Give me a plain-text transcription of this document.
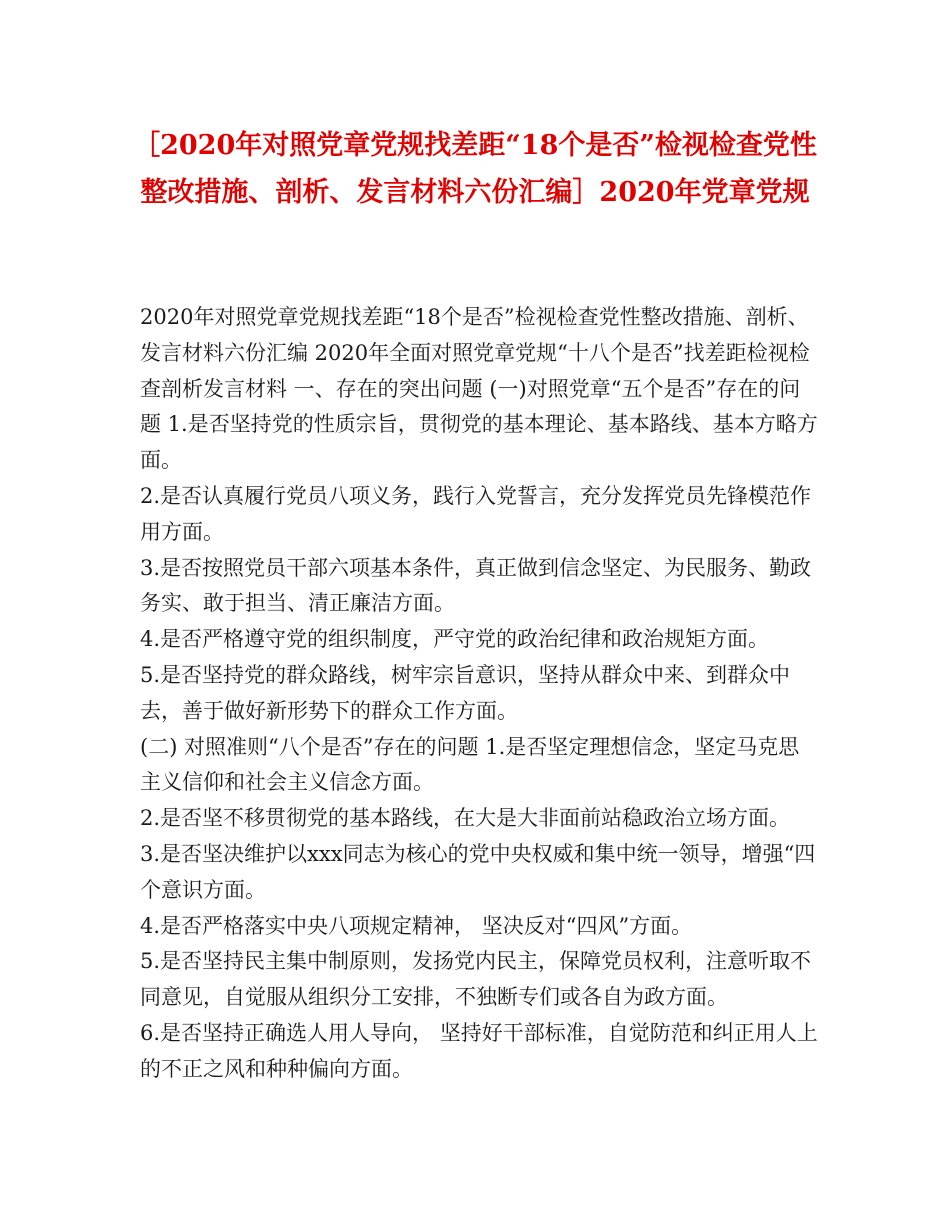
［2020年对照党章党规找差距“18个是否”检视检查党性整改措施、剖析、发言材料六份汇编］2020年党章党规

2020年对照党章党规找差距“18个是否”检视检查党性整改措施、剖析、发言材料六份汇编 2020年全面对照党章党规“十八个是否”找差距检视检查剖析发言材料 一、存在的突出问题 (一)对照党章“五个是否”存在的问题 1.是否坚持党的性质宗旨，贯彻党的基本理论、基本路线、基本方略方面。

2.是否认真履行党员八项义务，践行入党誓言，充分发挥党员先锋模范作用方面。

3.是否按照党员干部六项基本条件，真正做到信念坚定、为民服务、勤政务实、敢于担当、清正廉洁方面。

4.是否严格遵守党的组织制度，严守党的政治纪律和政治规矩方面。

5.是否坚持党的群众路线，树牢宗旨意识，坚持从群众中来、到群众中去，善于做好新形势下的群众工作方面。

(二) 对照准则“八个是否”存在的问题 1.是否坚定理想信念，坚定马克思主义信仰和社会主义信念方面。

2.是否坚不移贯彻党的基本路线，在大是大非面前站稳政治立场方面。

3.是否坚决维护以xxx同志为核心的党中央权威和集中统一领导，增强“四个意识方面。

4.是否严格落实中央八项规定精神， 坚决反对“四风”方面。

5.是否坚持民主集中制原则，发扬党内民主，保障党员权利，注意听取不同意见，自觉服从组织分工安排，不独断专们或各自为政方面。

6.是否坚持正确选人用人导向， 坚持好干部标准，自觉防范和纠正用人上的不正之风和种种偏向方面。
